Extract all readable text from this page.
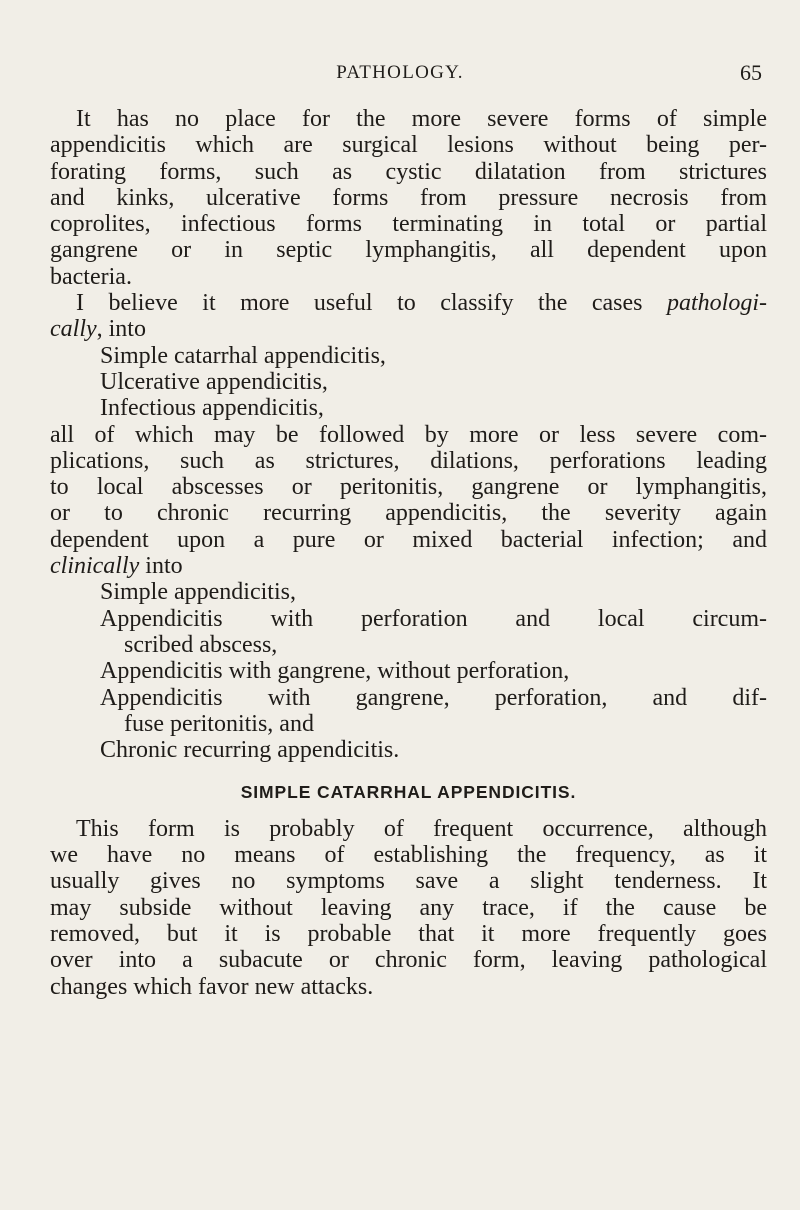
PATHOLOGY.	65
It has no place for the more severe forms of simple
appendicitis which are surgical lesions without being per-
forating forms, such as cystic dilatation from strictures
and kinks, ulcerative forms from pressure necrosis from
coprolites, infectious forms terminating in total or partial
gangrene or in septic lymphangitis, all dependent upon
bacteria.
I believe it more useful to classify the cases pathologi-
cally, into
Simple catarrhal appendicitis,
Ulcerative appendicitis,
Infectious appendicitis,
all of which may be followed by more or less severe com-
plications, such as strictures, dilations, perforations leading
to local abscesses or peritonitis, gangrene or lymphangitis,
or to chronic recurring appendicitis, the severity again
dependent upon a pure or mixed bacterial infection; and
clinically into
Simple appendicitis,
Appendicitis with perforation and local circum-
scribed abscess,
Appendicitis with gangrene, without perforation,
Appendicitis with gangrene, perforation, and dif-
fuse peritonitis, and
Chronic recurring appendicitis.
SIMPLE CATARRHAL APPENDICITIS.
This form is probably of frequent occurrence, although
we have no means of establishing the frequency, as it
usually gives no symptoms save a slight tenderness. It
may subside without leaving any trace, if the cause be
removed, but it is probable that it more frequently goes
over into a subacute or chronic form, leaving pathological
changes which favor new attacks.
